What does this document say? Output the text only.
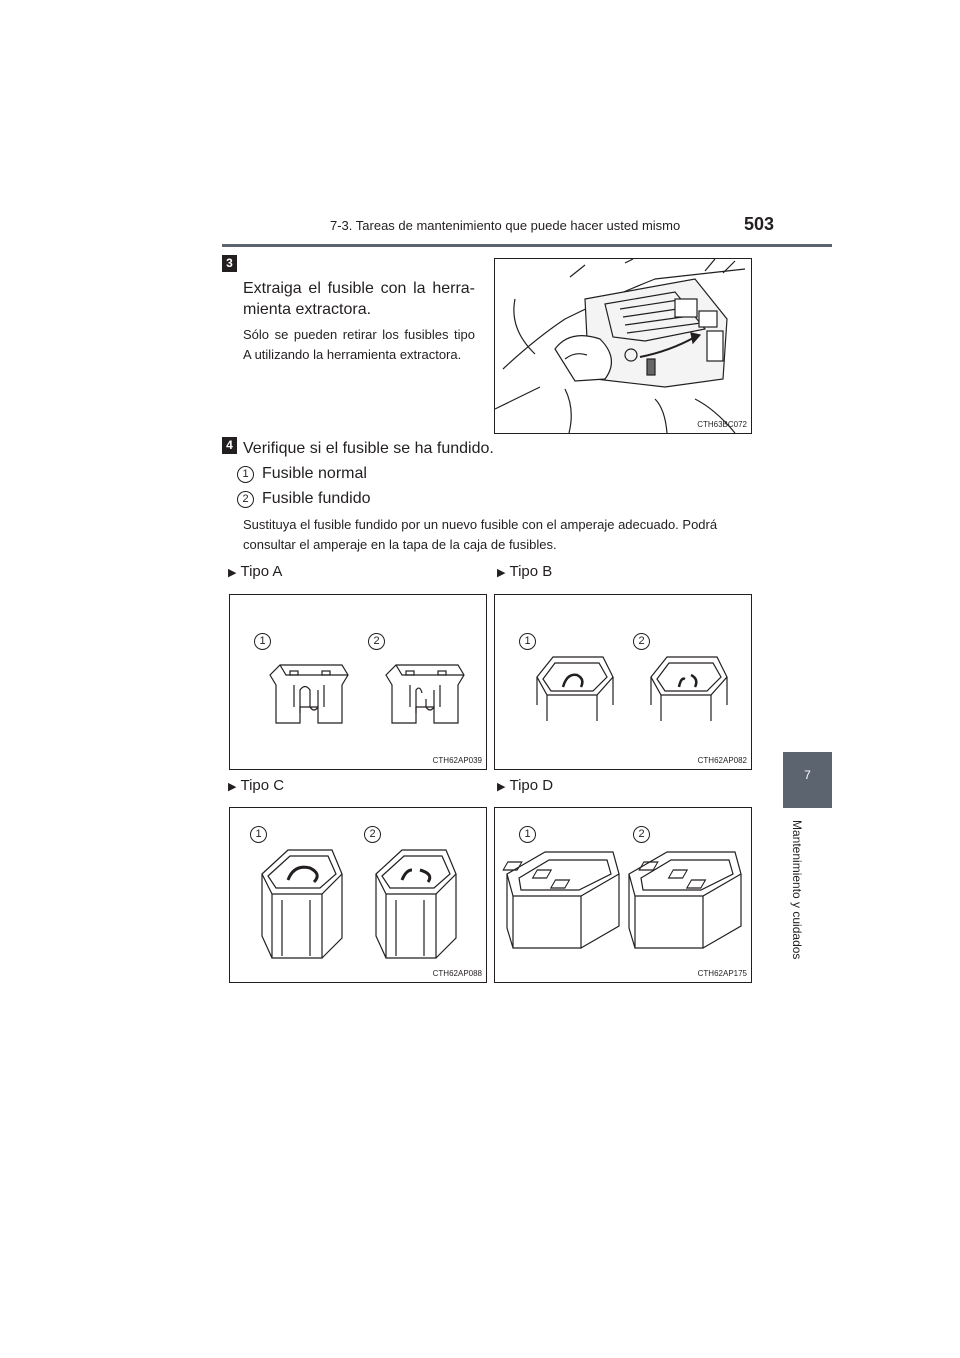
7-3. Tareas de mantenimiento que puede hacer usted mismo	503
7
Mantenimiento y cuidados
3
Extraiga el fusible con la herra-
mienta extractora.
Sólo se pueden retirar los fusibles tipo
A utilizando la herramienta extractora.
CTH63BC072
4 Verifique si el fusible se ha fundido.
1 Fusible normal
2 Fusible fundido
Sustituya el fusible fundido por un nuevo fusible con el amperaje adecuado. Podrá
consultar el amperaje en la tapa de la caja de fusibles.
▶ Tipo A	▶ Tipo B
1	2
CTH62AP039
1	2
CTH62AP082
▶ Tipo C	▶ Tipo D
1	2
CTH62AP088
1	2
CTH62AP175
